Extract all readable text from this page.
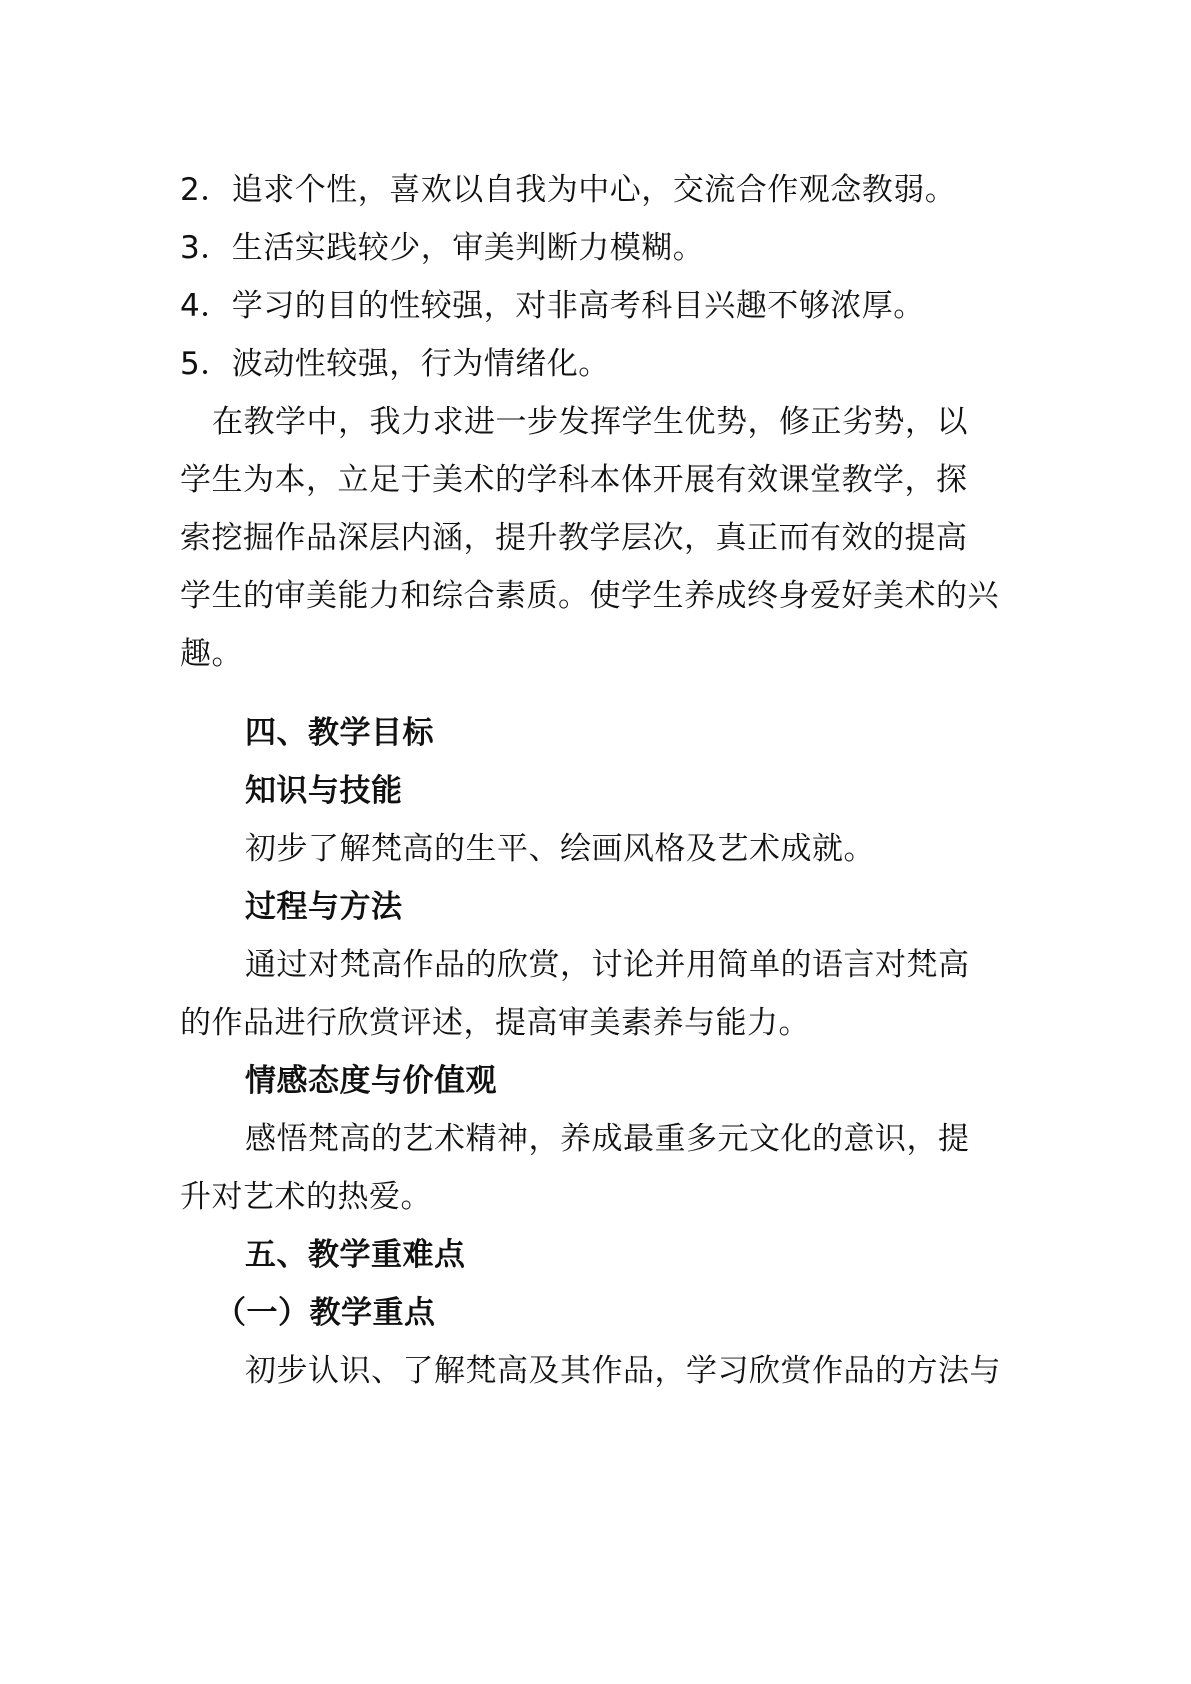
2．追求个性，喜欢以自我为中心，交流合作观念教弱。
3．生活实践较少，审美判断力模糊。
4．学习的目的性较强，对非高考科目兴趣不够浓厚。
5．波动性较强，行为情绪化。
在教学中，我力求进一步发挥学生优势，修正劣势，以
学生为本，立足于美术的学科本体开展有效课堂教学，探
索挖掘作品深层内涵，提升教学层次，真正而有效的提高
学生的审美能力和综合素质。使学生养成终身爱好美术的兴
趣。
四、教学目标
知识与技能
初步了解梵高的生平、绘画风格及艺术成就。
过程与方法
通过对梵高作品的欣赏，讨论并用简单的语言对梵高
的作品进行欣赏评述，提高审美素养与能力。
情感态度与价值观
感悟梵高的艺术精神，养成最重多元文化的意识，提
升对艺术的热爱。
五、教学重难点
（一）教学重点
初步认识、了解梵高及其作品，学习欣赏作品的方法与
